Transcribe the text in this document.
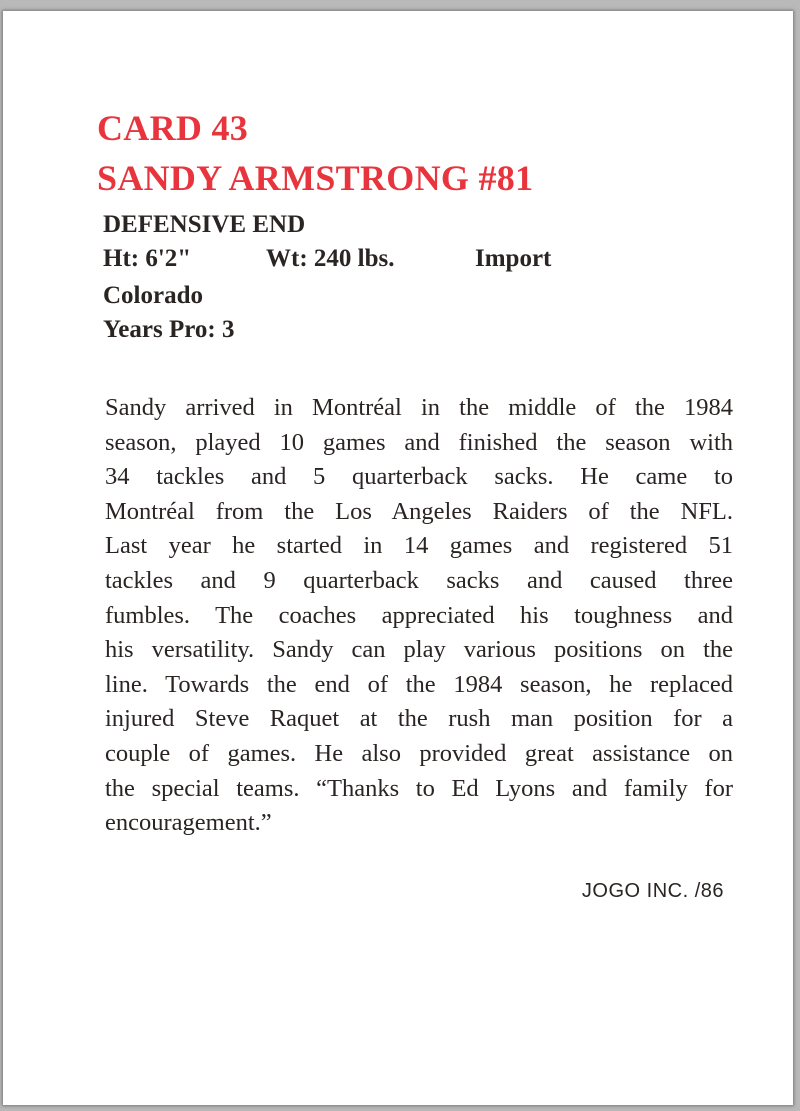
CARD 43
SANDY ARMSTRONG #81
DEFENSIVE END
Ht: 6'2"	Wt: 240 lbs.	Import
Colorado
Years Pro: 3
Sandy arrived in Montréal in the middle of the 1984
season, played 10 games and finished the season with
34 tackles and 5 quarterback sacks. He came to
Montréal from the Los Angeles Raiders of the NFL.
Last year he started in 14 games and registered 51
tackles and 9 quarterback sacks and caused three
fumbles. The coaches appreciated his toughness and
his versatility. Sandy can play various positions on the
line. Towards the end of the 1984 season, he replaced
injured Steve Raquet at the rush man position for a
couple of games. He also provided great assistance on
the special teams. “Thanks to Ed Lyons and family for
encouragement.”
JOGO INC. /86
